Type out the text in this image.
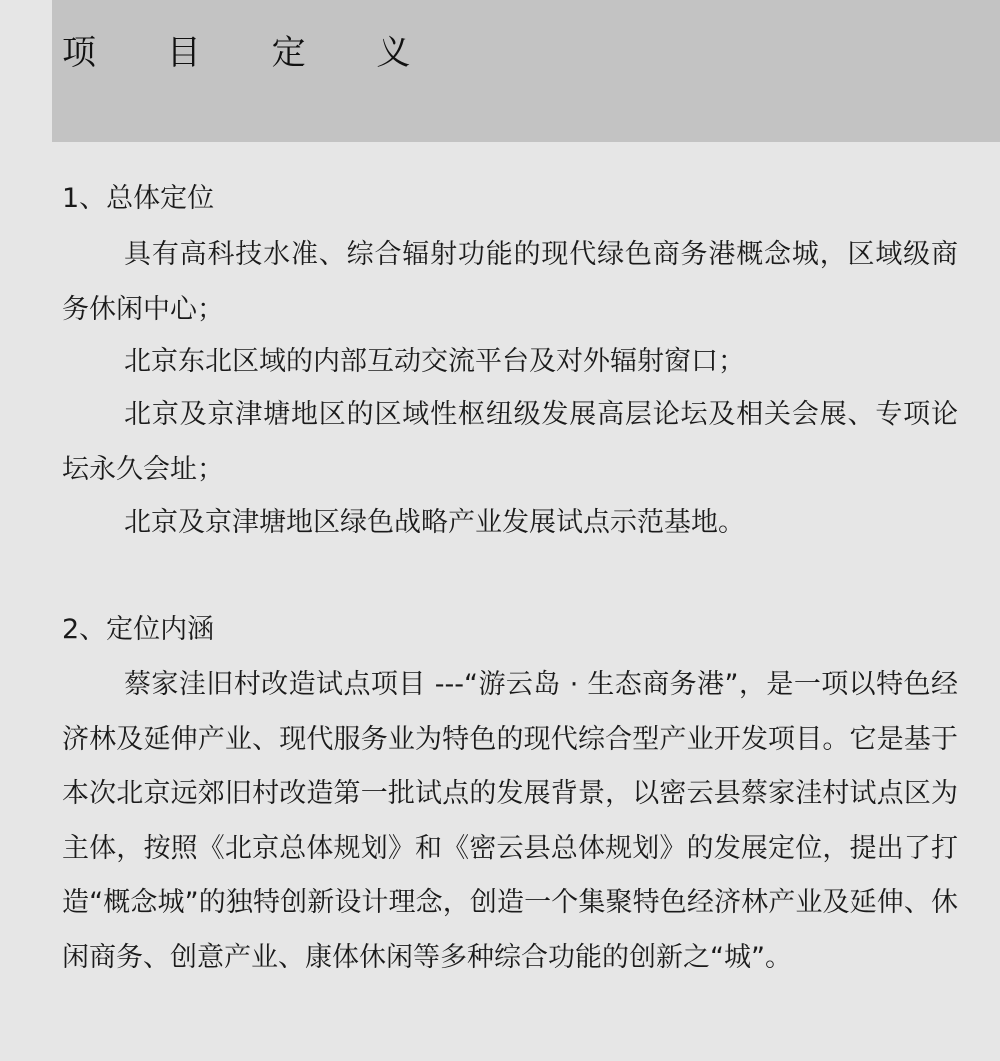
项 目 定 义
1、总体定位

具有高科技水准、综合辐射功能的现代绿色商务港概念城，区域级商务休闲中心；

北京东北区域的内部互动交流平台及对外辐射窗口；

北京及京津塘地区的区域性枢纽级发展高层论坛及相关会展、专项论坛永久会址；

北京及京津塘地区绿色战略产业发展试点示范基地。

2、定位内涵

蔡家洼旧村改造试点项目 ---“游云岛 · 生态商务港”，是一项以特色经济林及延伸产业、现代服务业为特色的现代综合型产业开发项目。它是基于本次北京远郊旧村改造第一批试点的发展背景，以密云县蔡家洼村试点区为主体，按照《北京总体规划》和《密云县总体规划》的发展定位，提出了打造“概念城”的独特创新设计理念，创造一个集聚特色经济林产业及延伸、休闲商务、创意产业、康体休闲等多种综合功能的创新之“城”。
